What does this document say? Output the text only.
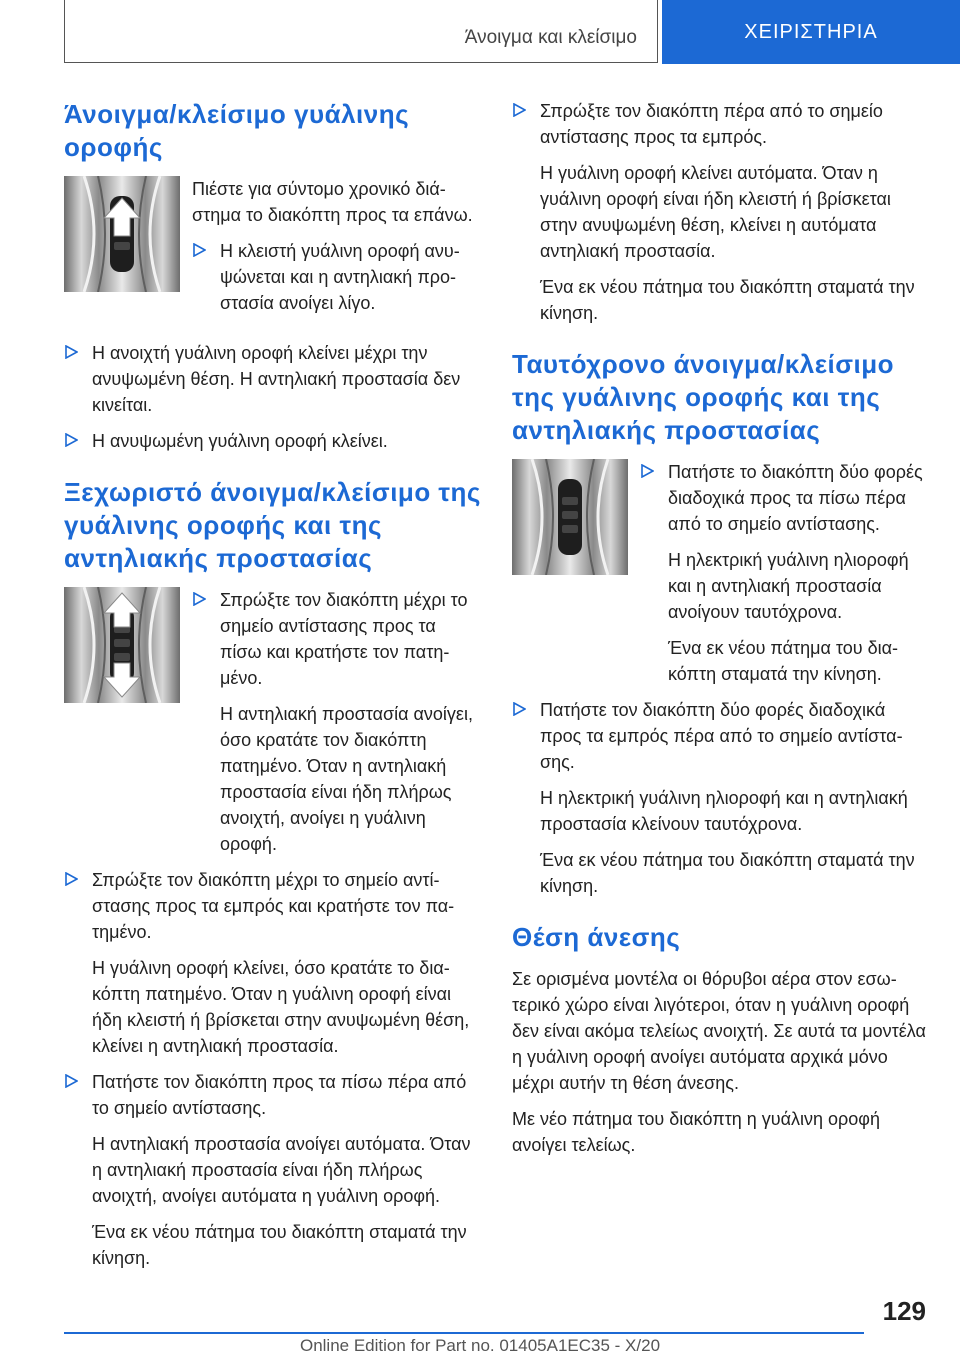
Άνοιγμα και κλείσιμο	ΧΕΙΡΙΣΤΗΡΙΑ
Άνοιγμα/κλείσιμο γυάλινης οροφής

Πιέστε για σύντομο χρονικό διάστημα το διακόπτη προς τα επάνω.

Η κλειστή γυάλινη οροφή ανυψώνεται και η αντηλιακή προστασία ανοίγει λίγο.

Η ανοιχτή γυάλινη οροφή κλείνει μέχρι την ανυψωμένη θέση. Η αντηλιακή προστασία δεν κινείται.

Η ανυψωμένη γυάλινη οροφή κλείνει.

Ξεχωριστό άνοιγμα/κλείσιμο της γυάλινης οροφής και της αντηλιακής προστασίας

Σπρώξτε τον διακόπτη μέχρι το σημείο αντίστασης προς τα πίσω και κρατήστε τον πατημένο.

Η αντηλιακή προστασία ανοίγει, όσο κρατάτε τον διακόπτη πατημένο. Όταν η αντηλιακή προστασία είναι ήδη πλήρως ανοιχτή, ανοίγει η γυάλινη οροφή.

Σπρώξτε τον διακόπτη μέχρι το σημείο αντίστασης προς τα εμπρός και κρατήστε τον πατημένο.

Η γυάλινη οροφή κλείνει, όσο κρατάτε το διακόπτη πατημένο. Όταν η γυάλινη οροφή είναι ήδη κλειστή ή βρίσκεται στην ανυψωμένη θέση, κλείνει η αντηλιακή προστασία.

Πατήστε τον διακόπτη προς τα πίσω πέρα από το σημείο αντίστασης.

Η αντηλιακή προστασία ανοίγει αυτόματα. Όταν η αντηλιακή προστασία είναι ήδη πλήρως ανοιχτή, ανοίγει αυτόματα η γυάλινη οροφή.

Ένα εκ νέου πάτημα του διακόπτη σταματά την κίνηση.

Σπρώξτε τον διακόπτη πέρα από το σημείο αντίστασης προς τα εμπρός.

Η γυάλινη οροφή κλείνει αυτόματα. Όταν η γυάλινη οροφή είναι ήδη κλειστή ή βρίσκεται στην ανυψωμένη θέση, κλείνει η αυτόματα αντηλιακή προστασία.

Ένα εκ νέου πάτημα του διακόπτη σταματά την κίνηση.

Ταυτόχρονο άνοιγμα/κλείσιμο της γυάλινης οροφής και της αντηλιακής προστασίας

Πατήστε το διακόπτη δύο φορές διαδοχικά προς τα πίσω πέρα από το σημείο αντίστασης.

Η ηλεκτρική γυάλινη ηλιοροφή και η αντηλιακή προστασία ανοίγουν ταυτόχρονα.

Ένα εκ νέου πάτημα του διακόπτη σταματά την κίνηση.

Πατήστε τον διακόπτη δύο φορές διαδοχικά προς τα εμπρός πέρα από το σημείο αντίστασης.

Η ηλεκτρική γυάλινη ηλιοροφή και η αντηλιακή προστασία κλείνουν ταυτόχρονα.

Ένα εκ νέου πάτημα του διακόπτη σταματά την κίνηση.

Θέση άνεσης

Σε ορισμένα μοντέλα οι θόρυβοι αέρα στον εσωτερικό χώρο είναι λιγότεροι, όταν η γυάλινη οροφή δεν είναι ακόμα τελείως ανοιχτή. Σε αυτά τα μοντέλα η γυάλινη οροφή ανοίγει αυτόματα αρχικά μόνο μέχρι αυτήν τη θέση άνεσης.

Με νέο πάτημα του διακόπτη η γυάλινη οροφή ανοίγει τελείως.

129
Online Edition for Part no. 01405A1EC35 - X/20
